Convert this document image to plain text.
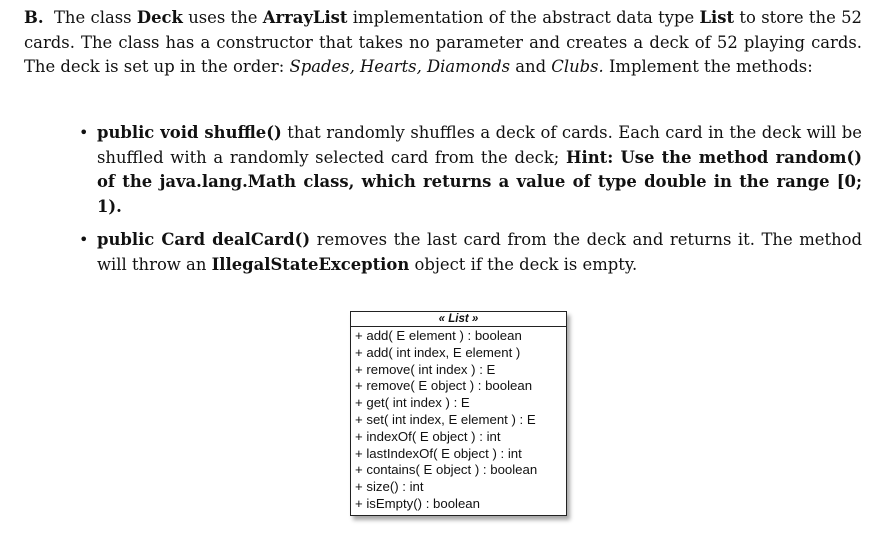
B. The class Deck uses the ArrayList implementation of the abstract data type List to store the 52 cards. The class has a constructor that takes no parameter and creates a deck of 52 playing cards. The deck is set up in the order: Spades, Hearts, Diamonds and Clubs. Implement the methods:
• public void shuffle() that randomly shuffles a deck of cards. Each card in the deck will be shuffled with a randomly selected card from the deck; Hint: Use the method random() of the java.lang.Math class, which returns a value of type double in the range [0; 1).
• public Card dealCard() removes the last card from the deck and returns it. The method will throw an IllegalStateException object if the deck is empty.
« List »
+ add( E element ) : boolean
+ add( int index, E element )
+ remove( int index ) : E
+ remove( E object ) : boolean
+ get( int index ) : E
+ set( int index, E element ) : E
+ indexOf( E object ) : int
+ lastIndexOf( E object ) : int
+ contains( E object ) : boolean
+ size() : int
+ isEmpty() : boolean
